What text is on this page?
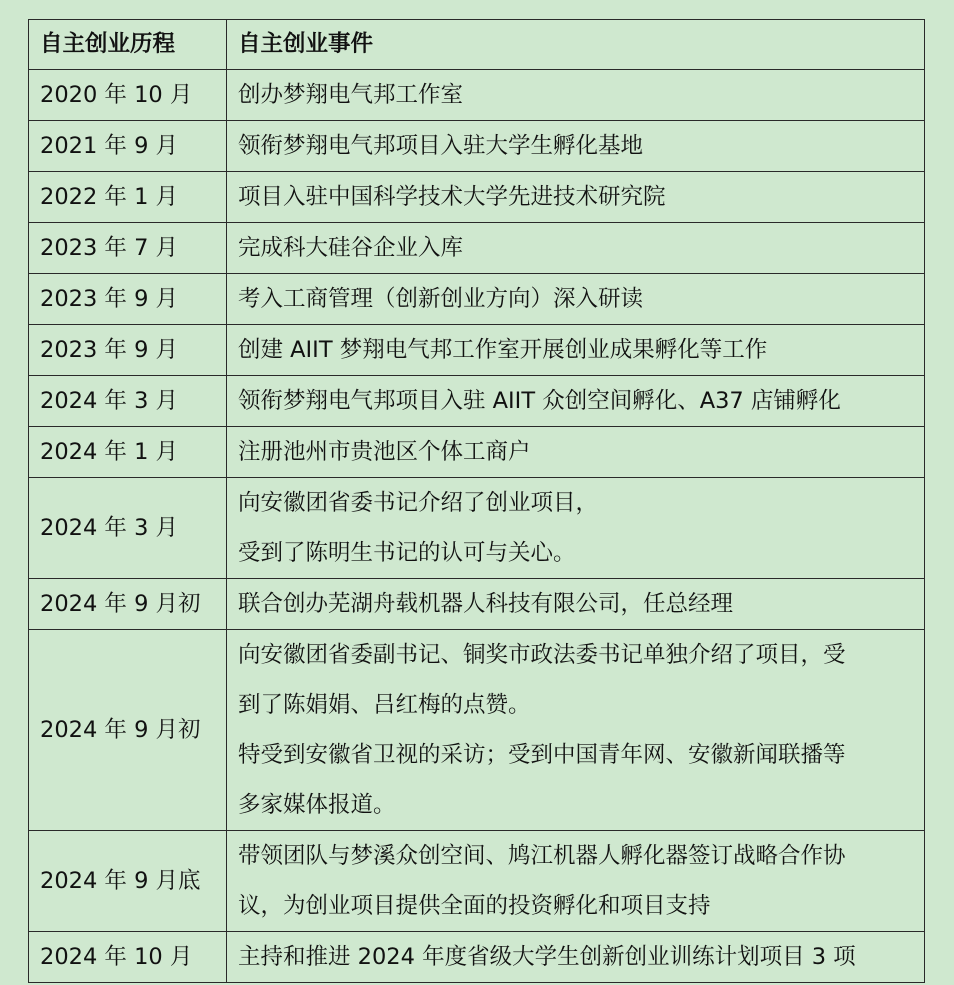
自主创业历程	自主创业事件
2020 年 10 月	创办梦翔电气邦工作室

2021 年 9 月	领衔梦翔电气邦项目入驻大学生孵化基地

2022 年 1 月	项目入驻中国科学技术大学先进技术研究院

2023 年 7 月	完成科大硅谷企业入库

2023 年 9 月	考入工商管理（创新创业方向）深入研读

2023 年 9 月	创建 AIIT 梦翔电气邦工作室开展创业成果孵化等工作

2024 年 3 月	领衔梦翔电气邦项目入驻 AIIT 众创空间孵化、A37 店铺孵化

2024 年 1 月	注册池州市贵池区个体工商户

2024 年 3 月	向安徽团省委书记介绍了创业项目，
受到了陈明生书记的认可与关心。

2024 年 9 月初	联合创办芜湖舟载机器人科技有限公司，任总经理

2024 年 9 月初	向安徽团省委副书记、铜奖市政法委书记单独介绍了项目，受
到了陈娟娟、吕红梅的点赞。
特受到安徽省卫视的采访；受到中国青年网、安徽新闻联播等
多家媒体报道。

2024 年 9 月底	带领团队与梦溪众创空间、鸠江机器人孵化器签订战略合作协
议，为创业项目提供全面的投资孵化和项目支持

2024 年 10 月	主持和推进 2024 年度省级大学生创新创业训练计划项目 3 项
